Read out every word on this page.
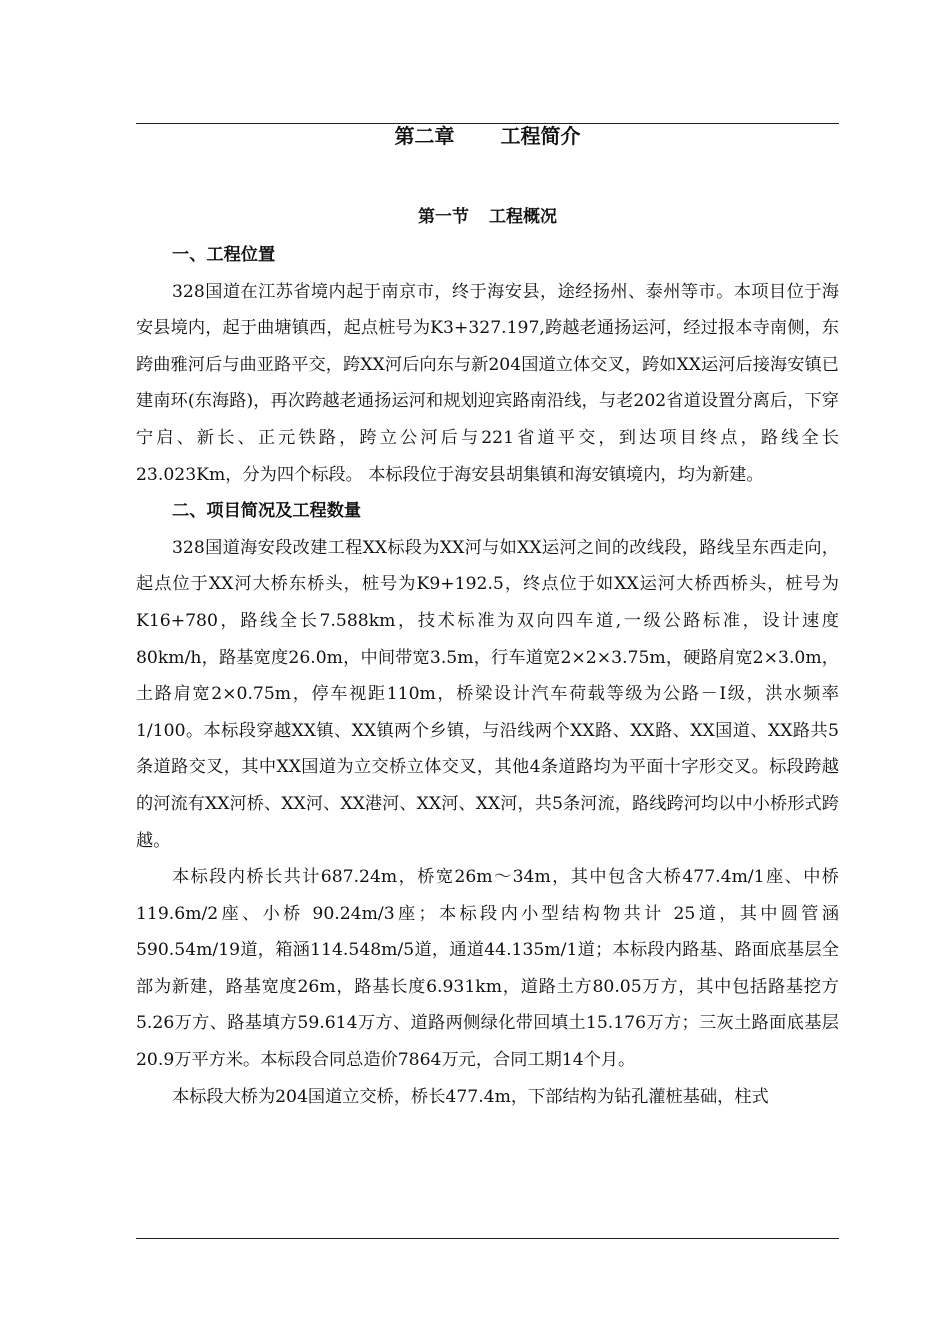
第二章 工程简介
第一节 工程概况

一、工程位置

328国道在江苏省境内起于南京市，终于海安县，途经扬州、泰州等市。本项目位于海安县境内，起于曲塘镇西，起点桩号为K3+327.197,跨越老通扬运河，经过报本寺南侧，东跨曲雅河后与曲亚路平交，跨XX河后向东与新204国道立体交叉，跨如XX运河后接海安镇已建南环(东海路)，再次跨越老通扬运河和规划迎宾路南沿线，与老202省道设置分离后，下穿宁启、新长、正元铁路，跨立公河后与221省道平交，到达项目终点，路线全长23.023Km，分为四个标段。 本标段位于海安县胡集镇和海安镇境内，均为新建。

二、项目简况及工程数量

328国道海安段改建工程XX标段为XX河与如XX运河之间的改线段，路线呈东西走向，起点位于XX河大桥东桥头，桩号为K9+192.5，终点位于如XX运河大桥西桥头，桩号为K16+780，路线全长7.588km，技术标准为双向四车道,一级公路标准，设计速度80km/h，路基宽度26.0m，中间带宽3.5m，行车道宽2×2×3.75m，硬路肩宽2×3.0m，土路肩宽2×0.75m，停车视距110m，桥梁设计汽车荷载等级为公路－Ⅰ级，洪水频率1/100。本标段穿越XX镇、XX镇两个乡镇，与沿线两个XX路、XX路、XX国道、XX路共5条道路交叉，其中XX国道为立交桥立体交叉，其他4条道路均为平面十字形交叉。标段跨越的河流有XX河桥、XX河、XX港河、XX河、XX河，共5条河流，路线跨河均以中小桥形式跨越。

本标段内桥长共计687.24m，桥宽26m～34m，其中包含大桥477.4m/1座、中桥119.6m/2座、小桥 90.24m/3座；本标段内小型结构物共计 25道，其中圆管涵590.54m/19道，箱涵114.548m/5道，通道44.135m/1道；本标段内路基、路面底基层全部为新建，路基宽度26m，路基长度6.931km，道路土方80.05万方，其中包括路基挖方5.26万方、路基填方59.614万方、道路两侧绿化带回填土15.176万方；三灰土路面底基层20.9万平方米。本标段合同总造价7864万元，合同工期14个月。

本标段大桥为204国道立交桥，桥长477.4m，下部结构为钻孔灌桩基础，柱式
